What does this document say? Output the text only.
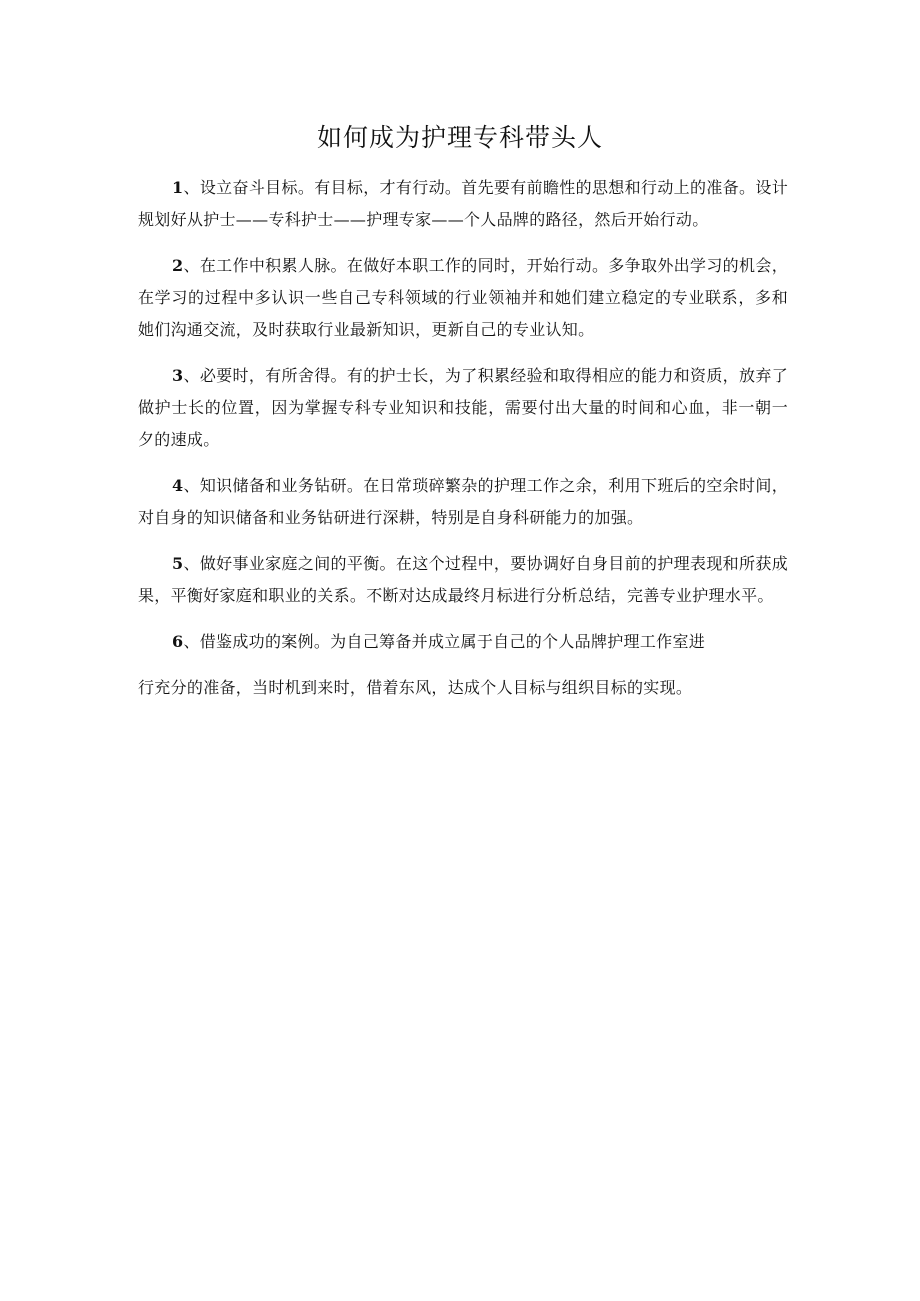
如何成为护理专科带头人

1、设立奋斗目标。有目标，才有行动。首先要有前瞻性的思想和行动上的准备。设计规划好从护士——专科护士——护理专家——个人品牌的路径，然后开始行动。

2、在工作中积累人脉。在做好本职工作的同时，开始行动。多争取外出学习的机会，在学习的过程中多认识一些自己专科领域的行业领袖并和她们建立稳定的专业联系，多和她们沟通交流，及时获取行业最新知识，更新自己的专业认知。

3、必要时，有所舍得。有的护士长，为了积累经验和取得相应的能力和资质，放弃了做护士长的位置，因为掌握专科专业知识和技能，需要付出大量的时间和心血，非一朝一夕的速成。

4、知识储备和业务钻研。在日常琐碎繁杂的护理工作之余，利用下班后的空余时间，对自身的知识储备和业务钻研进行深耕，特别是自身科研能力的加强。

5、做好事业家庭之间的平衡。在这个过程中，要协调好自身目前的护理表现和所获成果，平衡好家庭和职业的关系。不断对达成最终月标进行分析总结，完善专业护理水平。

6、借鉴成功的案例。为自己筹备并成立属于自己的个人品牌护理工作室进

行充分的准备，当时机到来时，借着东风，达成个人目标与组织目标的实现。
